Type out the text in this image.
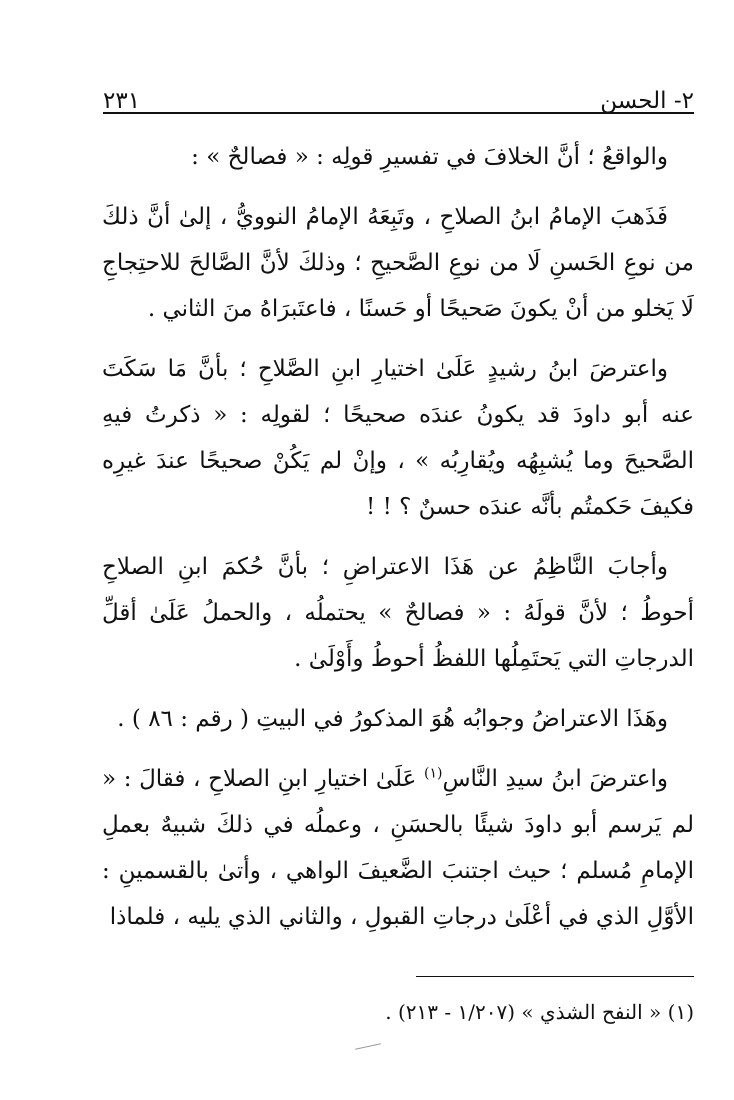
٢- الحسن
٢٣١

والواقعُ ؛ أنَّ الخلافَ في تفسيرِ قولِه : « فصالحٌ » :

فَذَهبَ الإمامُ ابنُ الصلاحِ ، وتَبِعَهُ الإمامُ النوويُّ ، إلىٰ أنَّ ذلكَ من نوعِ الحَسنِ لَا من نوعِ الصَّحيحِ ؛ وذلكَ لأنَّ الصَّالحَ للاحتِجاجِ لَا يَخلو من أنْ يكونَ صَحيحًا أو حَسنًا ، فاعتَبرَاهُ منَ الثاني .

واعترضَ ابنُ رشيدٍ عَلَىٰ اختيارِ ابنِ الصَّلاحِ ؛ بأنَّ مَا سَكَتَ عنه أبو داودَ قد يكونُ عندَه صحيحًا ؛ لقولِه : « ذكرتُ فيهِ الصَّحيحَ وما يُشبِهُه ويُقارِبُه » ، وإنْ لم يَكُنْ صحيحًا عندَ غيرِه فكيفَ حَكمتُم بأنَّه عندَه حسنٌ ؟ ! !

وأجابَ النَّاظِمُ عن هَذَا الاعتراضِ ؛ بأنَّ حُكمَ ابنِ الصلاحِ أحوطُ ؛ لأنَّ قولَهُ : « فصالحٌ » يحتملُه ، والحملُ عَلَىٰ أقلِّ الدرجاتِ التي يَحتَمِلُها اللفظُ أحوطُ وأَوْلَىٰ .

وهَذَا الاعتراضُ وجوابُه هُوَ المذكورُ في البيتِ ( رقم : ٨٦ ) .

واعترضَ ابنُ سيدِ النَّاسِ$^{(١)}$ عَلَىٰ اختيارِ ابنِ الصلاحِ ، فقالَ : « لم يَرسم أبو داودَ شيئًا بالحسَنِ ، وعملُه في ذلكَ شبيهٌ بعملِ الإمامِ مُسلم ؛ حيث اجتنبَ الضَّعيفَ الواهي ، وأتىٰ بالقسمينِ : الأوَّلِ الذي في أعْلَىٰ درجاتِ القبولِ ، والثاني الذي يليه ، فلماذا

(١) « النفح الشذي » (١/٢٠٧ - ٢١٣) .
